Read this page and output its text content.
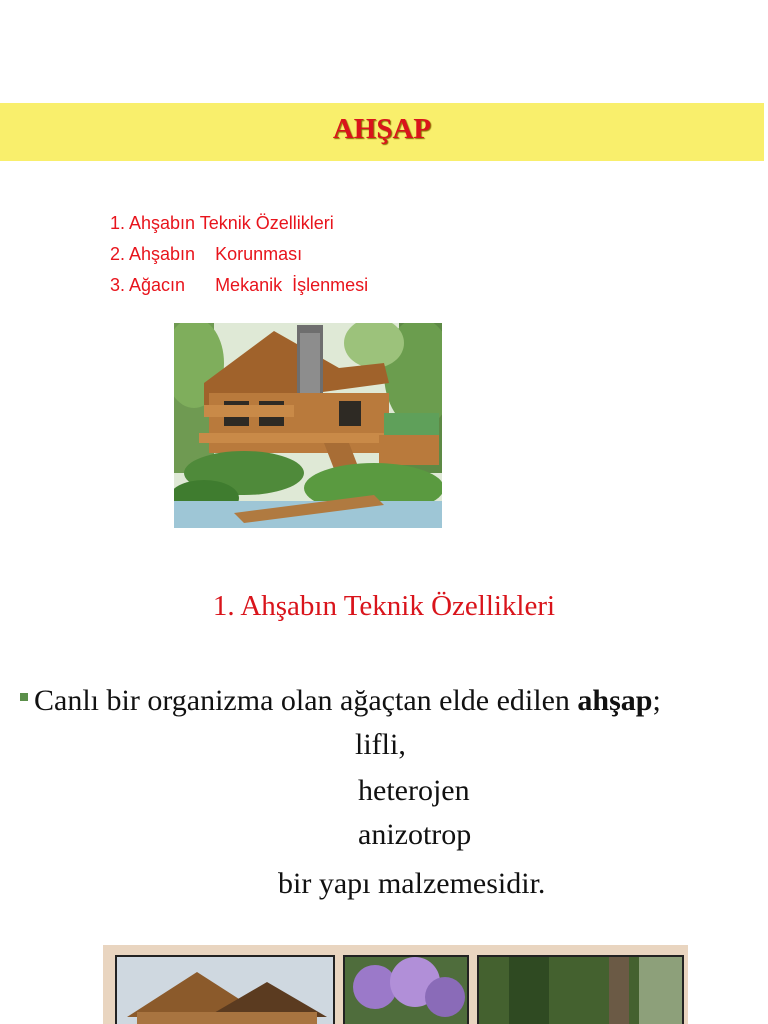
AHŞAP
1. Ahşabın Teknik Özellikleri
2. Ahşabın    Korunması
3. Ağacın      Mekanik  İşlenmesi
1. Ahşabın Teknik Özellikleri
Canlı bir organizma olan ağaçtan elde edilen ahşap;
lifli,
heterojen
anizotrop
bir yapı malzemesidir.
